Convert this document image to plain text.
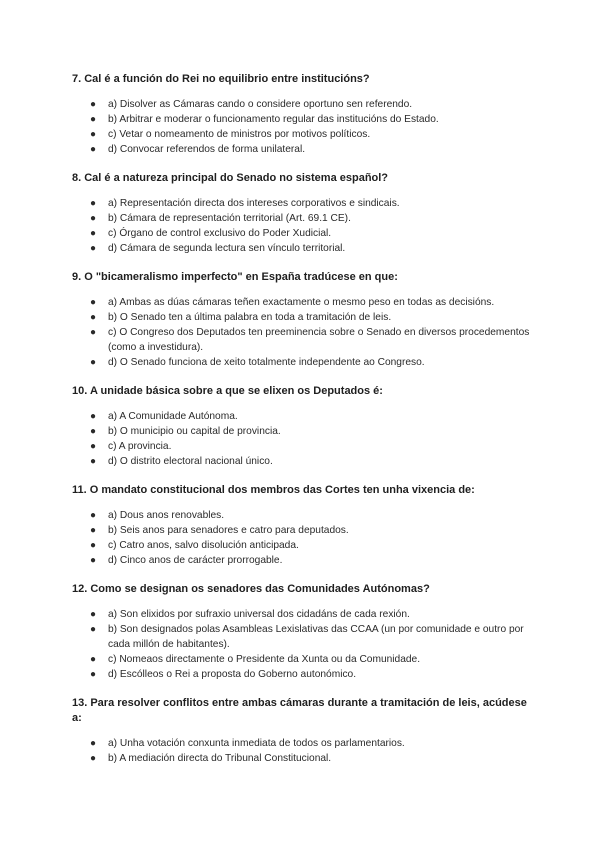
7. Cal é a función do Rei no equilibrio entre institucións?
● a) Disolver as Cámaras cando o considere oportuno sen referendo.
● b) Arbitrar e moderar o funcionamento regular das institucións do Estado.
● c) Vetar o nomeamento de ministros por motivos políticos.
● d) Convocar referendos de forma unilateral.
8. Cal é a natureza principal do Senado no sistema español?
● a) Representación directa dos intereses corporativos e sindicais.
● b) Cámara de representación territorial (Art. 69.1 CE).
● c) Órgano de control exclusivo do Poder Xudicial.
● d) Cámara de segunda lectura sen vínculo territorial.
9. O "bicameralismo imperfecto" en España tradúcese en que:
● a) Ambas as dúas cámaras teñen exactamente o mesmo peso en todas as decisións.
● b) O Senado ten a última palabra en toda a tramitación de leis.
● c) O Congreso dos Deputados ten preeminencia sobre o Senado en diversos procedementos (como a investidura).
● d) O Senado funciona de xeito totalmente independente ao Congreso.
10. A unidade básica sobre a que se elixen os Deputados é:
● a) A Comunidade Autónoma.
● b) O municipio ou capital de provincia.
● c) A provincia.
● d) O distrito electoral nacional único.
11. O mandato constitucional dos membros das Cortes ten unha vixencia de:
● a) Dous anos renovables.
● b) Seis anos para senadores e catro para deputados.
● c) Catro anos, salvo disolución anticipada.
● d) Cinco anos de carácter prorrogable.
12. Como se designan os senadores das Comunidades Autónomas?
● a) Son elixidos por sufraxio universal dos cidadáns de cada rexión.
● b) Son designados polas Asambleas Lexislativas das CCAA (un por comunidade e outro por cada millón de habitantes).
● c) Nomeaos directamente o Presidente da Xunta ou da Comunidade.
● d) Escólleos o Rei a proposta do Goberno autonómico.
13. Para resolver conflitos entre ambas cámaras durante a tramitación de leis, acúdese a:
● a) Unha votación conxunta inmediata de todos os parlamentarios.
● b) A mediación directa do Tribunal Constitucional.
